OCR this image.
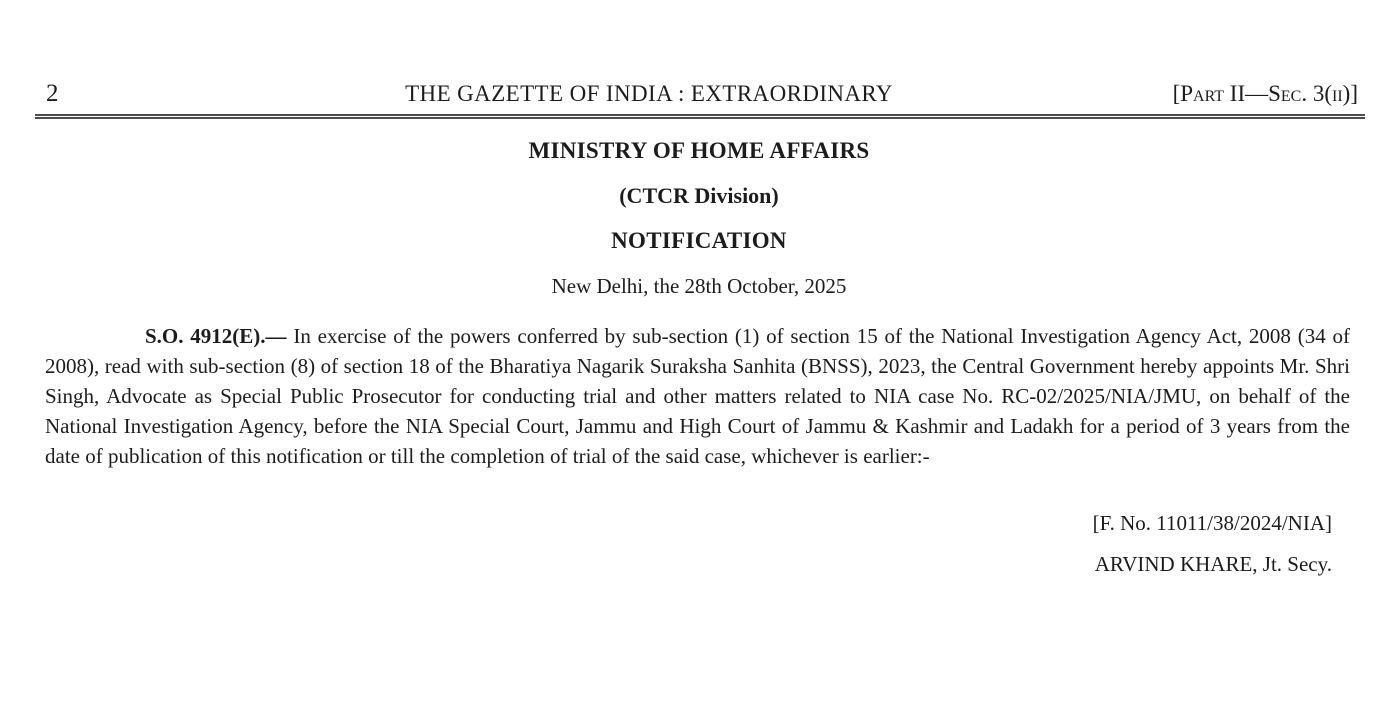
2	THE GAZETTE OF INDIA : EXTRAORDINARY	[Part II—Sec. 3(ii)]
MINISTRY OF HOME AFFAIRS
(CTCR Division)
NOTIFICATION
New Delhi, the 28th October, 2025

S.O. 4912(E).— In exercise of the powers conferred by sub-section (1) of section 15 of the National Investigation Agency Act, 2008 (34 of 2008), read with sub-section (8) of section 18 of the Bharatiya Nagarik Suraksha Sanhita (BNSS), 2023, the Central Government hereby appoints Mr. Shri Singh, Advocate as Special Public Prosecutor for conducting trial and other matters related to NIA case No. RC-02/2025/NIA/JMU, on behalf of the National Investigation Agency, before the NIA Special Court, Jammu and High Court of Jammu & Kashmir and Ladakh for a period of 3 years from the date of publication of this notification or till the completion of trial of the said case, whichever is earlier:-

[F. No. 11011/38/2024/NIA]
ARVIND KHARE, Jt. Secy.
